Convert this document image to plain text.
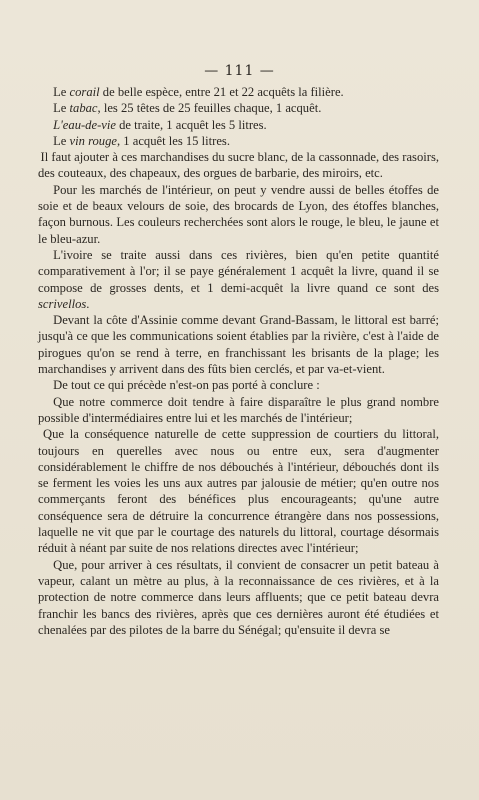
— 111 —

Le corail de belle espèce, entre 21 et 22 acquêts la filière.

Le tabac, les 25 têtes de 25 feuilles chaque, 1 acquêt.

L'eau-de-vie de traite, 1 acquêt les 5 litres.

Le vin rouge, 1 acquêt les 15 litres.

Il faut ajouter à ces marchandises du sucre blanc, de la cassonnade, des rasoirs, des couteaux, des chapeaux, des orgues de barbarie, des miroirs, etc.

Pour les marchés de l'intérieur, on peut y vendre aussi de belles étoffes de soie et de beaux velours de soie, des brocards de Lyon, des étoffes blanches, façon burnous. Les couleurs recherchées sont alors le rouge, le bleu, le jaune et le bleu-azur.

L'ivoire se traite aussi dans ces rivières, bien qu'en petite quantité comparativement à l'or; il se paye généralement 1 acquêt la livre, quand il se compose de grosses dents, et 1 demi-acquêt la livre quand ce sont des scrivellos.

Devant la côte d'Assinie comme devant Grand-Bassam, le littoral est barré; jusqu'à ce que les communications soient établies par la rivière, c'est à l'aide de pirogues qu'on se rend à terre, en franchissant les brisants de la plage; les marchandises y arrivent dans des fûts bien cerclés, et par va-et-vient.

De tout ce qui précède n'est-on pas porté à conclure :

Que notre commerce doit tendre à faire disparaître le plus grand nombre possible d'intermédiaires entre lui et les marchés de l'intérieur;

Que la conséquence naturelle de cette suppression de courtiers du littoral, toujours en querelles avec nous ou entre eux, sera d'augmenter considérablement le chiffre de nos débouchés à l'intérieur, débouchés dont ils se ferment les voies les uns aux autres par jalousie de métier; qu'en outre nos commerçants feront des bénéfices plus encourageants; qu'une autre conséquence sera de détruire la concurrence étrangère dans nos possessions, laquelle ne vit que par le courtage des naturels du littoral, courtage désormais réduit à néant par suite de nos relations directes avec l'intérieur;

Que, pour arriver à ces résultats, il convient de consacrer un petit bateau à vapeur, calant un mètre au plus, à la reconnaissance de ces rivières, et à la protection de notre commerce dans leurs affluents; que ce petit bateau devra franchir les bancs des rivières, après que ces dernières auront été étudiées et chenalées par des pilotes de la barre du Sénégal; qu'ensuite il devra se
